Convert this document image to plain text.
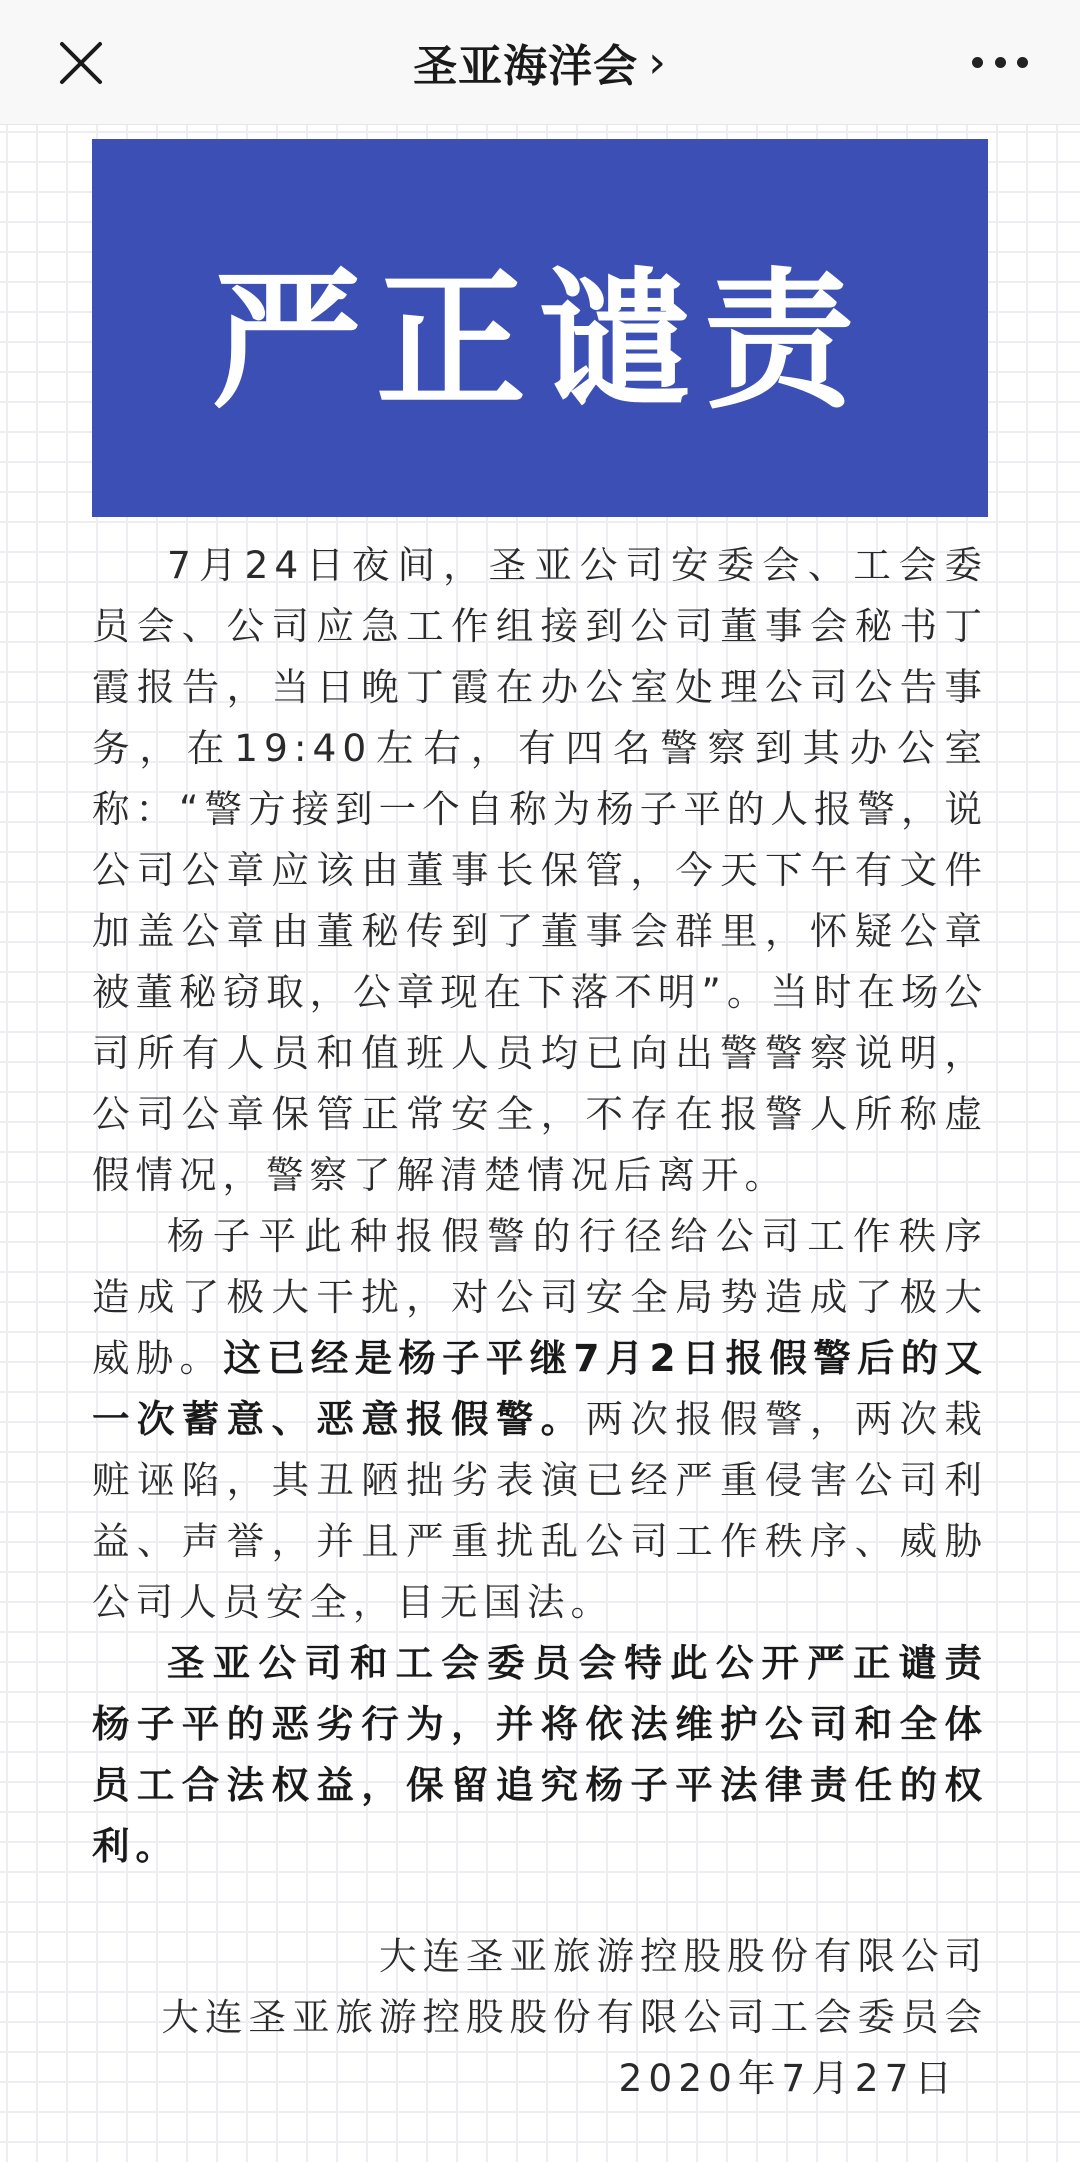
圣亚海洋会 ›
严正谴责

7月24日夜间，圣亚公司安委会、工会委员会、公司应急工作组接到公司董事会秘书丁霞报告，当日晚丁霞在办公室处理公司公告事务，在19:40左右，有四名警察到其办公室称：“警方接到一个自称为杨子平的人报警，说公司公章应该由董事长保管，今天下午有文件加盖公章由董秘传到了董事会群里，怀疑公章被董秘窃取，公章现在下落不明”。当时在场公司所有人员和值班人员均已向出警警察说明，公司公章保管正常安全，不存在报警人所称虚假情况，警察了解清楚情况后离开。

杨子平此种报假警的行径给公司工作秩序造成了极大干扰，对公司安全局势造成了极大威胁。这已经是杨子平继7月2日报假警后的又一次蓄意、恶意报假警。两次报假警，两次栽赃诬陷，其丑陋拙劣表演已经严重侵害公司利益、声誉，并且严重扰乱公司工作秩序、威胁公司人员安全，目无国法。

圣亚公司和工会委员会特此公开严正谴责杨子平的恶劣行为，并将依法维护公司和全体员工合法权益，保留追究杨子平法律责任的权利。

大连圣亚旅游控股股份有限公司
大连圣亚旅游控股股份有限公司工会委员会
2020年7月27日
